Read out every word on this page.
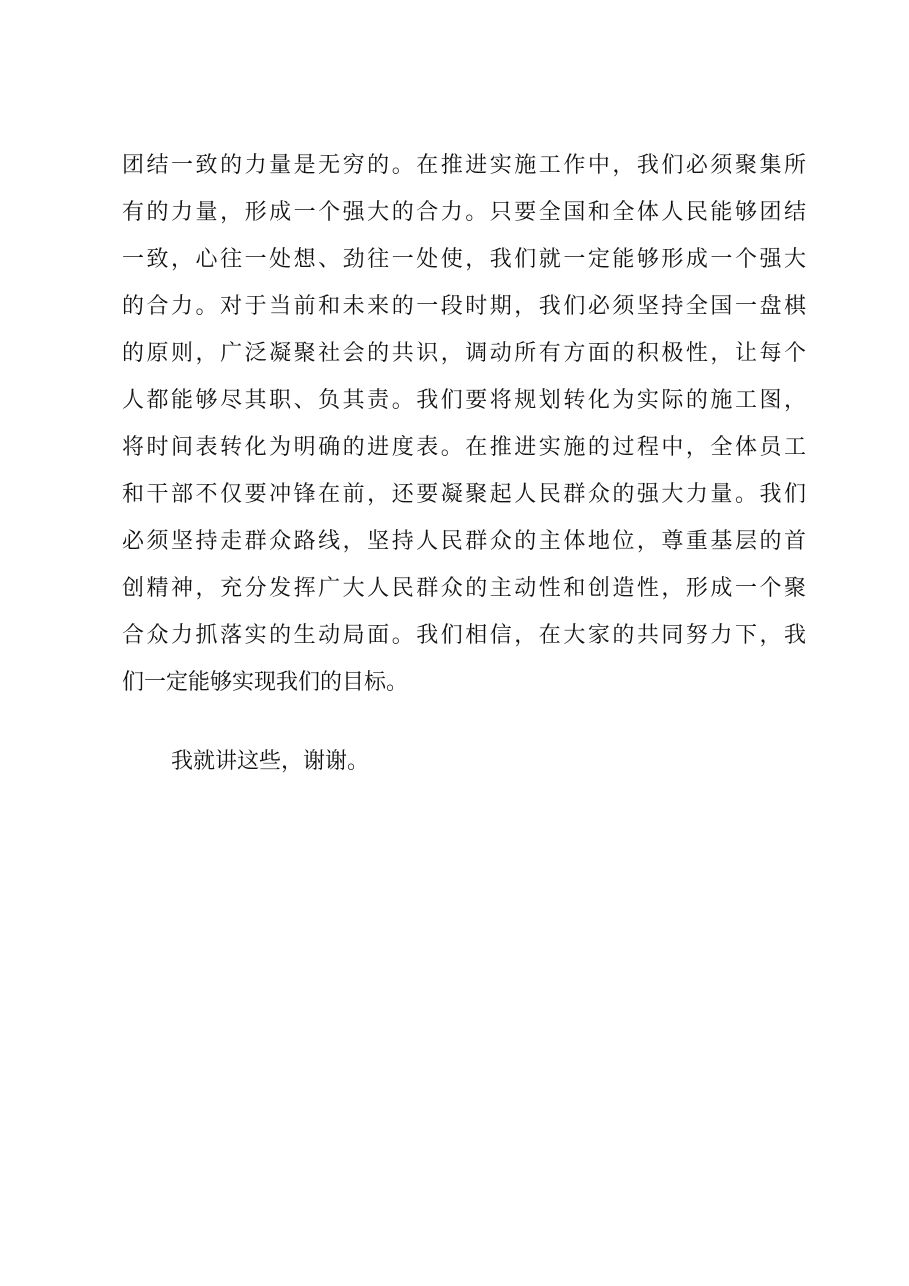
团结一致的力量是无穷的。在推进实施工作中，我们必须聚集所
有的力量，形成一个强大的合力。只要全国和全体人民能够团结
一致，心往一处想、劲往一处使，我们就一定能够形成一个强大
的合力。对于当前和未来的一段时期，我们必须坚持全国一盘棋
的原则，广泛凝聚社会的共识，调动所有方面的积极性，让每个
人都能够尽其职、负其责。我们要将规划转化为实际的施工图，
将时间表转化为明确的进度表。在推进实施的过程中，全体员工
和干部不仅要冲锋在前，还要凝聚起人民群众的强大力量。我们
必须坚持走群众路线，坚持人民群众的主体地位，尊重基层的首
创精神，充分发挥广大人民群众的主动性和创造性，形成一个聚
合众力抓落实的生动局面。我们相信，在大家的共同努力下，我
们一定能够实现我们的目标。

我就讲这些，谢谢。
